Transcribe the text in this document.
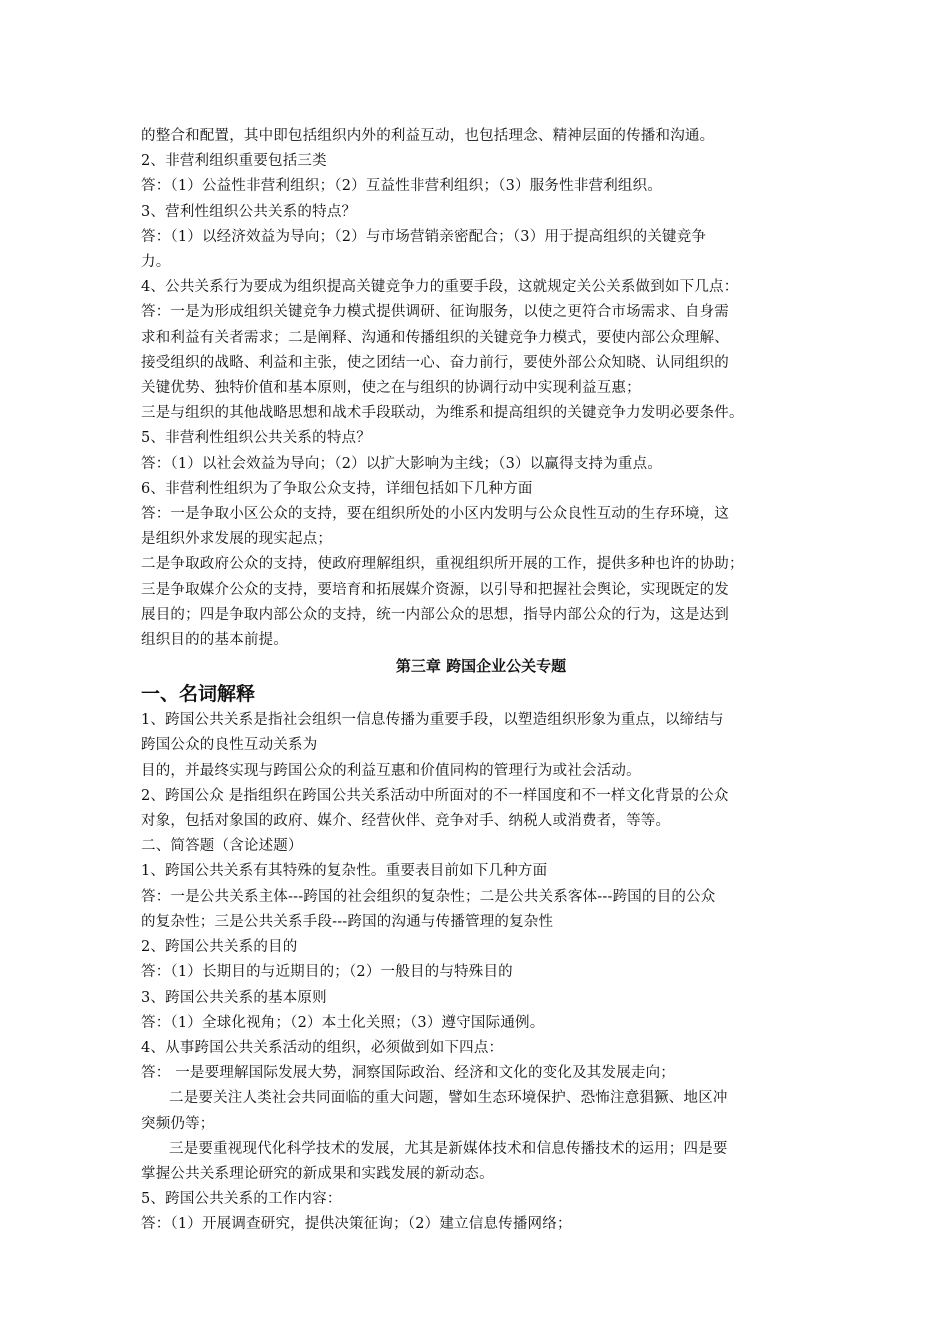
的整合和配置，其中即包括组织内外的利益互动，也包括理念、精神层面的传播和沟通。
2、非营利组织重要包括三类
答：（1）公益性非营利组织；（2）互益性非营利组织；（3）服务性非营利组织。
3、营利性组织公共关系的特点？
答：（1）以经济效益为导向；（2）与市场营销亲密配合；（3）用于提高组织的关键竞争
力。
4、公共关系行为要成为组织提高关键竞争力的重要手段，这就规定关公关系做到如下几点：
答：一是为形成组织关键竞争力模式提供调研、征询服务，以使之更符合市场需求、自身需
求和利益有关者需求；二是阐释、沟通和传播组织的关键竞争力模式，要使内部公众理解、
接受组织的战略、利益和主张，使之团结一心、奋力前行，要使外部公众知晓、认同组织的
关键优势、独特价值和基本原则，使之在与组织的协调行动中实现利益互惠；
三是与组织的其他战略思想和战术手段联动，为维系和提高组织的关键竞争力发明必要条件。
5、非营利性组织公共关系的特点？
答：（1）以社会效益为导向；（2）以扩大影响为主线；（3）以赢得支持为重点。
6、非营利性组织为了争取公众支持，详细包括如下几种方面
答：一是争取小区公众的支持，要在组织所处的小区内发明与公众良性互动的生存环境，这
是组织外求发展的现实起点；
二是争取政府公众的支持，使政府理解组织，重视组织所开展的工作，提供多种也许的协助；
三是争取媒介公众的支持，要培育和拓展媒介资源，以引导和把握社会舆论，实现既定的发
展目的；四是争取内部公众的支持，统一内部公众的思想，指导内部公众的行为，这是达到
组织目的的基本前提。
第三章 跨国企业公关专题
一、名词解释
1、跨国公共关系是指社会组织一信息传播为重要手段，以塑造组织形象为重点，以缔结与
跨国公众的良性互动关系为
目的，并最终实现与跨国公众的利益互惠和价值同构的管理行为或社会活动。
2、跨国公众 是指组织在跨国公共关系活动中所面对的不一样国度和不一样文化背景的公众
对象，包括对象国的政府、媒介、经营伙伴、竞争对手、纳税人或消费者，等等。
二、简答题（含论述题）
1、跨国公共关系有其特殊的复杂性。重要表目前如下几种方面
答：一是公共关系主体---跨国的社会组织的复杂性；二是公共关系客体---跨国的目的公众
的复杂性；三是公共关系手段---跨国的沟通与传播管理的复杂性
2、跨国公共关系的目的
答：（1）长期目的与近期目的；（2）一般目的与特殊目的
3、跨国公共关系的基本原则
答：（1）全球化视角；（2）本土化关照；（3）遵守国际通例。
4、从事跨国公共关系活动的组织，必须做到如下四点：
答： 一是要理解国际发展大势，洞察国际政治、经济和文化的变化及其发展走向；
二是要关注人类社会共同面临的重大问题，譬如生态环境保护、恐怖注意猖獗、地区冲
突频仍等；
三是要重视现代化科学技术的发展，尤其是新媒体技术和信息传播技术的运用；四是要
掌握公共关系理论研究的新成果和实践发展的新动态。
5、跨国公共关系的工作内容：
答：（1）开展调查研究，提供决策征询；（2）建立信息传播网络；
